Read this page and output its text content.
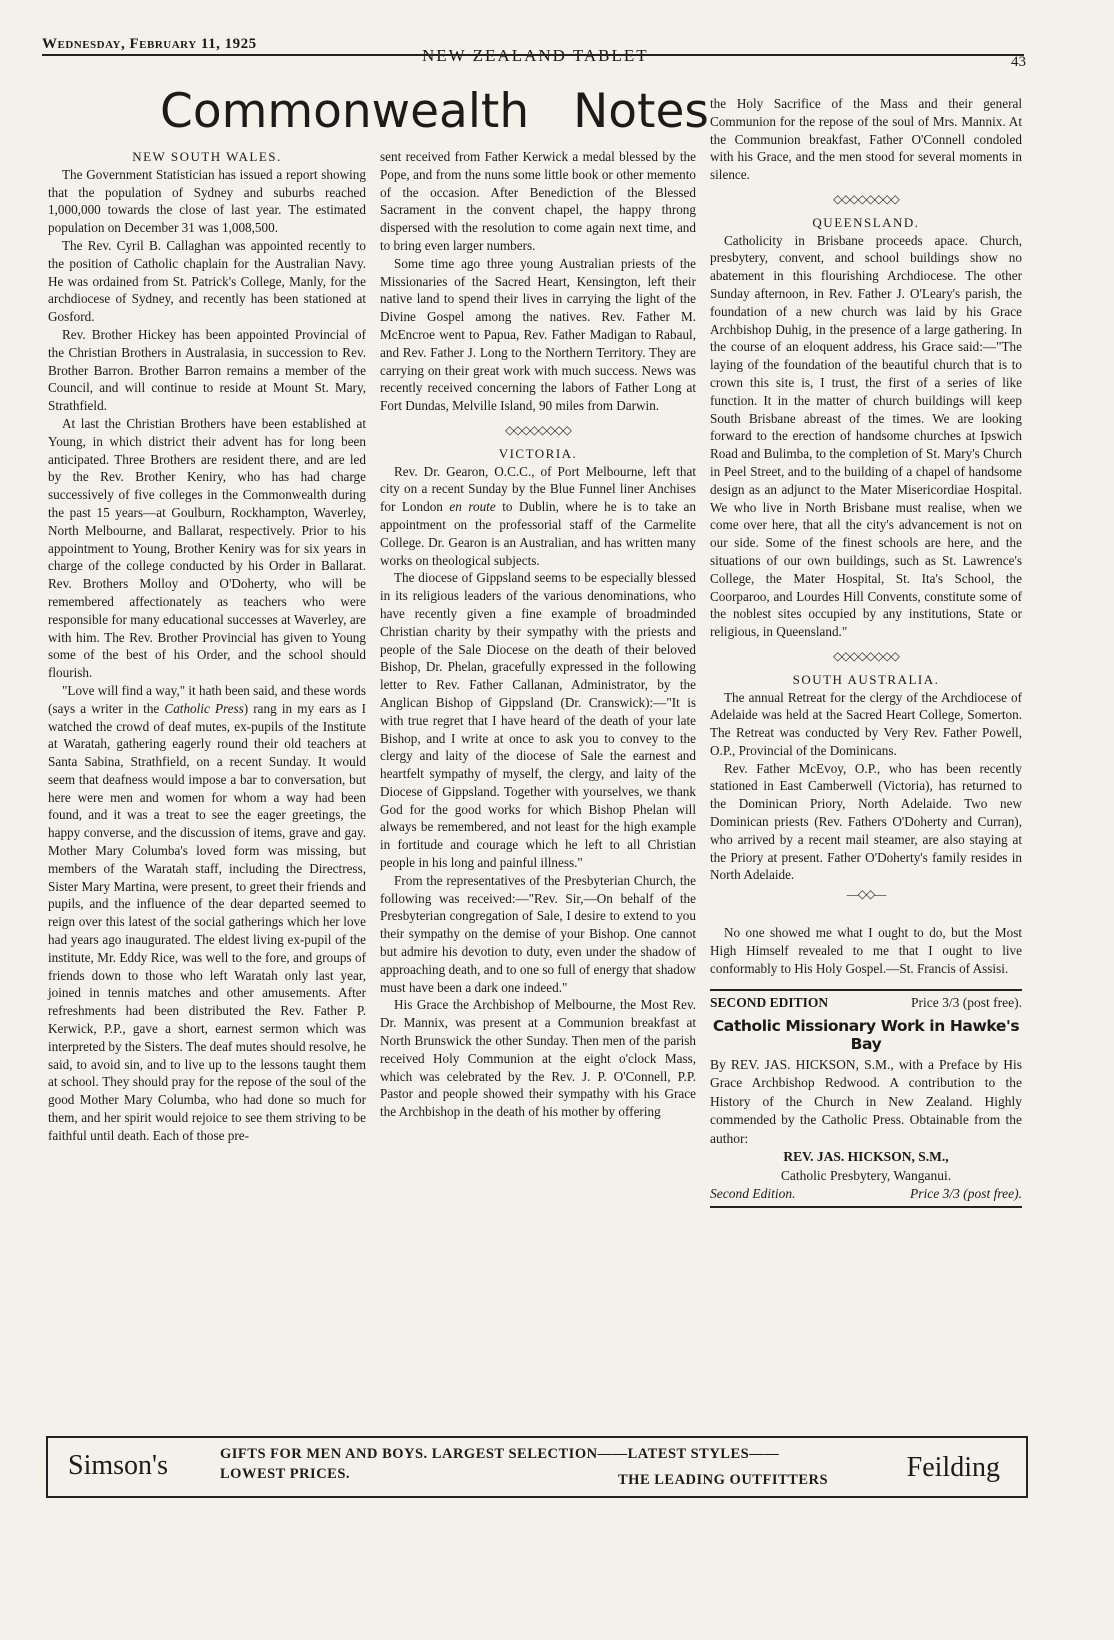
Wednesday, February 11, 1925
NEW ZEALAND TABLET	43
Commonwealth Notes

NEW SOUTH WALES.

The Government Statistician has issued a report showing that the population of Sydney and suburbs reached 1,000,000 towards the close of last year. The estimated population on December 31 was 1,008,500.

The Rev. Cyril B. Callaghan was appointed recently to the position of Catholic chaplain for the Australian Navy. He was ordained from St. Patrick's College, Manly, for the archdiocese of Sydney, and recently has been stationed at Gosford.

Rev. Brother Hickey has been appointed Provincial of the Christian Brothers in Australasia, in succession to Rev. Brother Barron. Brother Barron remains a member of the Council, and will continue to reside at Mount St. Mary, Strathfield.

At last the Christian Brothers have been established at Young, in which district their advent has for long been anticipated. Three Brothers are resident there, and are led by the Rev. Brother Keniry, who has had charge successively of five colleges in the Commonwealth during the past 15 years—at Goulburn, Rockhampton, Waverley, North Melbourne, and Ballarat, respectively. Prior to his appointment to Young, Brother Keniry was for six years in charge of the college conducted by his Order in Ballarat. Rev. Brothers Molloy and O'Doherty, who will be remembered affectionately as teachers who were responsible for many educational successes at Waverley, are with him. The Rev. Brother Provincial has given to Young some of the best of his Order, and the school should flourish.

"Love will find a way," it hath been said, and these words (says a writer in the Catholic Press) rang in my ears as I watched the crowd of deaf mutes, ex-pupils of the Institute at Waratah, gathering eagerly round their old teachers at Santa Sabina, Strathfield, on a recent Sunday. It would seem that deafness would impose a bar to conversation, but here were men and women for whom a way had been found, and it was a treat to see the eager greetings, the happy converse, and the discussion of items, grave and gay. Mother Mary Columba's loved form was missing, but members of the Waratah staff, including the Directress, Sister Mary Martina, were present, to greet their friends and pupils, and the influence of the dear departed seemed to reign over this latest of the social gatherings which her love had years ago inaugurated. The eldest living ex-pupil of the institute, Mr. Eddy Rice, was well to the fore, and groups of friends down to those who left Waratah only last year, joined in tennis matches and other amusements. After refreshments had been distributed the Rev. Father P. Kerwick, P.P., gave a short, earnest sermon which was interpreted by the Sisters. The deaf mutes should resolve, he said, to avoid sin, and to live up to the lessons taught them at school. They should pray for the repose of the soul of the good Mother Mary Columba, who had done so much for them, and her spirit would rejoice to see them striving to be faithful until death. Each of those pre-

sent received from Father Kerwick a medal blessed by the Pope, and from the nuns some little book or other memento of the occasion. After Benediction of the Blessed Sacrament in the convent chapel, the happy throng dispersed with the resolution to come again next time, and to bring even larger numbers.

Some time ago three young Australian priests of the Missionaries of the Sacred Heart, Kensington, left their native land to spend their lives in carrying the light of the Divine Gospel among the natives. Rev. Father M. McEncroe went to Papua, Rev. Father Madigan to Rabaul, and Rev. Father J. Long to the Northern Territory. They are carrying on their great work with much success. News was recently received concerning the labors of Father Long at Fort Dundas, Melville Island, 90 miles from Darwin.

◇◇◇◇◇◇◇◇

VICTORIA.

Rev. Dr. Gearon, O.C.C., of Port Melbourne, left that city on a recent Sunday by the Blue Funnel liner Anchises for London en route to Dublin, where he is to take an appointment on the professorial staff of the Carmelite College. Dr. Gearon is an Australian, and has written many works on theological subjects.

The diocese of Gippsland seems to be especially blessed in its religious leaders of the various denominations, who have recently given a fine example of broadminded Christian charity by their sympathy with the priests and people of the Sale Diocese on the death of their beloved Bishop, Dr. Phelan, gracefully expressed in the following letter to Rev. Father Callanan, Administrator, by the Anglican Bishop of Gippsland (Dr. Cranswick):—"It is with true regret that I have heard of the death of your late Bishop, and I write at once to ask you to convey to the clergy and laity of the diocese of Sale the earnest and heartfelt sympathy of myself, the clergy, and laity of the Diocese of Gippsland. Together with yourselves, we thank God for the good works for which Bishop Phelan will always be remembered, and not least for the high example in fortitude and courage which he left to all Christian people in his long and painful illness."

From the representatives of the Presbyterian Church, the following was received:—"Rev. Sir,—On behalf of the Presbyterian congregation of Sale, I desire to extend to you their sympathy on the demise of your Bishop. One cannot but admire his devotion to duty, even under the shadow of approaching death, and to one so full of energy that shadow must have been a dark one indeed."

His Grace the Archbishop of Melbourne, the Most Rev. Dr. Mannix, was present at a Communion breakfast at North Brunswick the other Sunday. Then men of the parish received Holy Communion at the eight o'clock Mass, which was celebrated by the Rev. J. P. O'Connell, P.P. Pastor and people showed their sympathy with his Grace the Archbishop in the death of his mother by offering

the Holy Sacrifice of the Mass and their general Communion for the repose of the soul of Mrs. Mannix. At the Communion breakfast, Father O'Connell condoled with his Grace, and the men stood for several moments in silence.

◇◇◇◇◇◇◇◇

QUEENSLAND.

Catholicity in Brisbane proceeds apace. Church, presbytery, convent, and school buildings show no abatement in this flourishing Archdiocese. The other Sunday afternoon, in Rev. Father J. O'Leary's parish, the foundation of a new church was laid by his Grace Archbishop Duhig, in the presence of a large gathering. In the course of an eloquent address, his Grace said:—"The laying of the foundation of the beautiful church that is to crown this site is, I trust, the first of a series of like function. It in the matter of church buildings will keep South Brisbane abreast of the times. We are looking forward to the erection of handsome churches at Ipswich Road and Bulimba, to the completion of St. Mary's Church in Peel Street, and to the building of a chapel of handsome design as an adjunct to the Mater Misericordiae Hospital. We who live in North Brisbane must realise, when we come over here, that all the city's advancement is not on our side. Some of the finest schools are here, and the situations of our own buildings, such as St. Lawrence's College, the Mater Hospital, St. Ita's School, the Coorparoo, and Lourdes Hill Convents, constitute some of the noblest sites occupied by any institutions, State or religious, in Queensland."

◇◇◇◇◇◇◇◇

SOUTH AUSTRALIA.

The annual Retreat for the clergy of the Archdiocese of Adelaide was held at the Sacred Heart College, Somerton. The Retreat was conducted by Very Rev. Father Powell, O.P., Provincial of the Dominicans.

Rev. Father McEvoy, O.P., who has been recently stationed in East Camberwell (Victoria), has returned to the Dominican Priory, North Adelaide. Two new Dominican priests (Rev. Fathers O'Doherty and Curran), who arrived by a recent mail steamer, are also staying at the Priory at present. Father O'Doherty's family resides in North Adelaide.

—◇◇—

No one showed me what I ought to do, but the Most High Himself revealed to me that I ought to live conformably to His Holy Gospel.—St. Francis of Assisi.

SECOND EDITION	Price 3/3 (post free).
Catholic Missionary Work in Hawke's Bay
By REV. JAS. HICKSON, S.M., with a Preface by His Grace Archbishop Redwood. A contribution to the History of the Church in New Zealand. Highly commended by the Catholic Press. Obtainable from the author:
REV. JAS. HICKSON, S.M.,
Catholic Presbytery, Wanganui.
Second Edition.	Price 3/3 (post free).
Simson's	GIFTS FOR MEN AND BOYS. LARGEST SELECTION——LATEST STYLES——
LOWEST PRICES.	THE LEADING OUTFITTERS	Feilding
